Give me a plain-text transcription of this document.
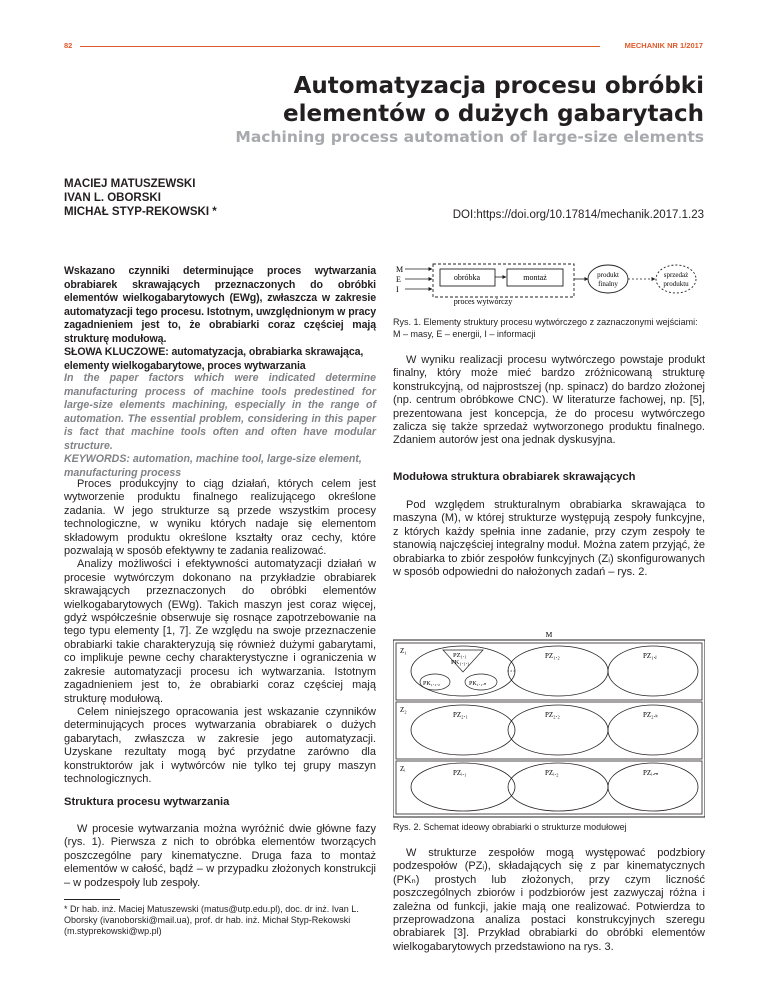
82	MECHANIK NR 1/2017
Automatyzacja procesu obróbki
elementów o dużych gabarytach
Machining process automation of large-size elements
MACIEJ MATUSZEWSKI
IVAN L. OBORSKI
MICHAŁ STYP-REKOWSKI *	DOI:https://doi.org/10.17814/mechanik.2017.1.23

Wskazano czynniki determinujące proces wytwarzania obrabiarek skrawających przeznaczonych do obróbki elementów wielkogabarytowych (EWg), zwłaszcza w zakresie automatyzacji tego procesu. Istotnym, uwzględnionym w pracy zagadnieniem jest to, że obrabiarki coraz częściej mają strukturę modułową.

SŁOWA KLUCZOWE: automatyzacja, obrabiarka skrawająca, elementy wielkogabarytowe, proces wytwarzania

In the paper factors which were indicated determine manufacturing process of machine tools predestined for large-size elements machining, especially in the range of automation. The essential problem, considering in this paper is fact that machine tools often and often have modular structure.

KEYWORDS: automation, machine tool, large-size element, manufacturing process

Proces produkcyjny to ciąg działań, których celem jest wytworzenie produktu finalnego realizującego określone zadania. W jego strukturze są przede wszystkim procesy technologiczne, w wyniku których nadaje się elementom składowym produktu określone kształty oraz cechy, które pozwalają w sposób efektywny te zadania realizować.

Analizy możliwości i efektywności automatyzacji działań w procesie wytwórczym dokonano na przykładzie obrabiarek skrawających przeznaczonych do obróbki elementów wielkogabarytowych (EWg). Takich maszyn jest coraz więcej, gdyż współcześnie obserwuje się rosnące zapotrzebowanie na tego typu elementy [1, 7]. Ze względu na swoje przeznaczenie obrabiarki takie charakteryzują się również dużymi gabarytami, co implikuje pewne cechy charakterystyczne i ograniczenia w zakresie automatyzacji procesu ich wytwarzania. Istotnym zagadnieniem jest to, że obrabiarki coraz częściej mają strukturę modułową.

Celem niniejszego opracowania jest wskazanie czynników determinujących proces wytwarzania obrabiarek o dużych gabarytach, zwłaszcza w zakresie jego automatyzacji. Uzyskane rezultaty mogą być przydatne zarówno dla konstruktorów jak i wytwórców nie tylko tej grupy maszyn technologicznych.

Struktura procesu wytwarzania

W procesie wytwarzania można wyróżnić dwie główne fazy (rys. 1). Pierwsza z nich to obróbka elementów tworzących poszczególne pary kinematyczne. Druga faza to montaż elementów w całość, bądź – w przypadku złożonych konstrukcji – w podzespoły lub zespoły.

* Dr hab. inż. Maciej Matuszewski (matus@utp.edu.pl), doc. dr inż. Ivan L. Oborsky (ivanoborski@mail.ua), prof. dr hab. inż. Michał Styp-Rekowski (m.styprekowski@wp.pl)
M
E
I
obróbka	montaż
proces wytwórczy
produkt
finalny
sprzedaż
produktu
Rys. 1. Elementy struktury procesu wytwórczego z zaznaczonymi wejściami: M – masy, E – energii, I – informacji

W wyniku realizacji procesu wytwórczego powstaje produkt finalny, który może mieć bardzo zróżnicowaną strukturę konstrukcyjną, od najprostszej (np. spinacz) do bardzo złożonej (np. centrum obróbkowe CNC). W literaturze fachowej, np. [5], prezentowana jest koncepcja, że do procesu wytwórczego zalicza się także sprzedaż wytworzonego produktu finalnego. Zdaniem autorów jest ona jednak dyskusyjna.

Modułowa struktura obrabiarek skrawających

Pod względem strukturalnym obrabiarka skrawająca to maszyna (M), w której strukturze występują zespoły funkcyjne, z których każdy spełnia inne zadanie, przy czym zespoły te stanowią najczęściej integralny moduł. Można zatem przyjąć, że obrabiarka to zbiór zespołów funkcyjnych (Zᵢ) skonfigurowanych w sposób odpowiedni do nałożonych zadań – rys. 2.

M
Z₁
PZ₁.₁
PK₁.₁.₁
PK₁.₁.₂	PK₁.₁.ₙ
PZ₁.₂	PZ₁.ⱼ
Z₂
PZ₂.₁	PZ₂.₂	PZ₂.ₖ
Zᵢ	PZᵢ.₁	PZᵢ.₂	PZᵢ.ₘ
Rys. 2. Schemat ideowy obrabiarki o strukturze modułowej

W strukturze zespołów mogą występować podzbiory podzespołów (PZᵢ), składających się z par kinematycznych (PKₙ) prostych lub złożonych, przy czym liczność poszczególnych zbiorów i podzbiorów jest zazwyczaj różna i zależna od funkcji, jakie mają one realizować. Potwierdza to przeprowadzona analiza postaci konstrukcyjnych szeregu obrabiarek [3]. Przykład obrabiarki do obróbki elementów wielkogabarytowych przedstawiono na rys. 3.
